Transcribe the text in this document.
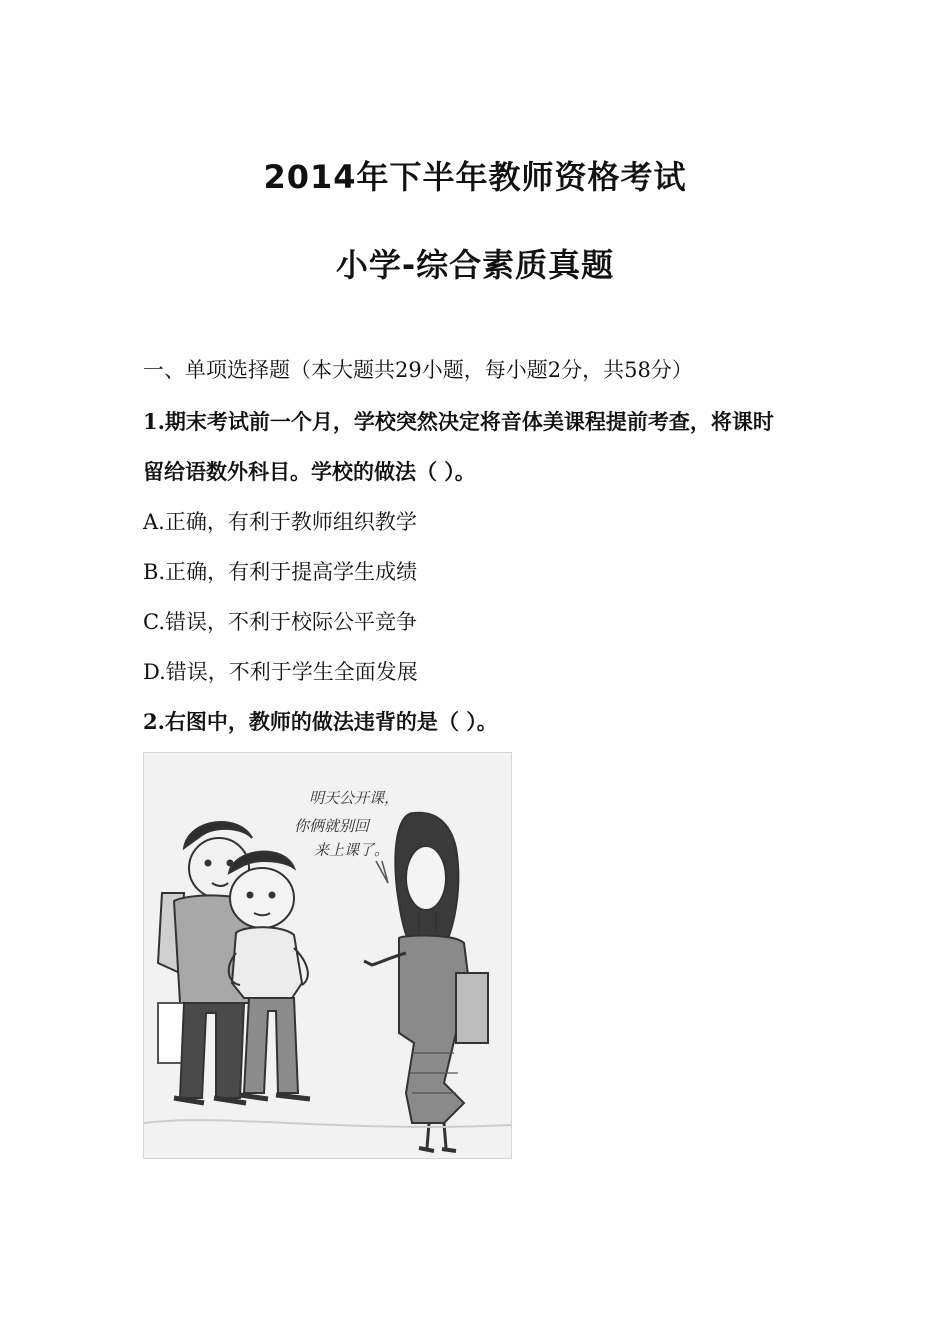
2014年下半年教师资格考试
小学-综合素质真题

一、单项选择题（本大题共29小题，每小题2分，共58分）

1.期末考试前一个月，学校突然决定将音体美课程提前考查，将课时

留给语数外科目。学校的做法（ ）。

A.正确，有利于教师组织教学

B.正确，有利于提高学生成绩

C.错误，不利于校际公平竞争

D.错误，不利于学生全面发展

2.右图中，教师的做法违背的是（ ）。

明天公开课，
你俩就别回
来上课了。
